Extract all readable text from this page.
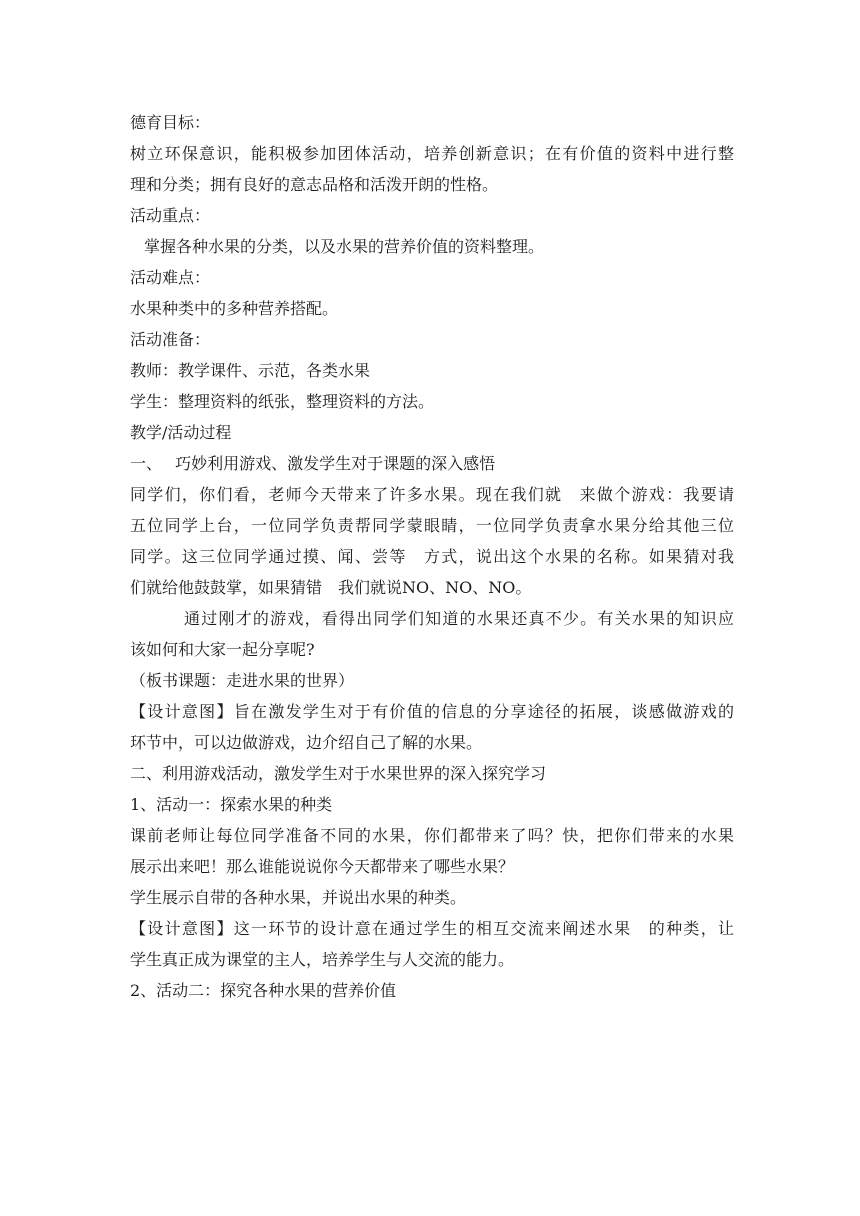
德育目标：
树立环保意识，能积极参加团体活动，培养创新意识；在有价值的资料中进行整
理和分类；拥有良好的意志品格和活泼开朗的性格。
活动重点：
掌握各种水果的分类，以及水果的营养价值的资料整理。
活动难点：
水果种类中的多种营养搭配。
活动准备：
教师：教学课件、示范，各类水果
学生：整理资料的纸张，整理资料的方法。
教学/活动过程
一、　 巧妙利用游戏、激发学生对于课题的深入感悟
同学们，你们看，老师今天带来了许多水果。现在我们就　来做个游戏：我要请
五位同学上台，一位同学负责帮同学蒙眼睛，一位同学负责拿水果分给其他三位
同学。这三位同学通过摸、闻、尝等　方式，说出这个水果的名称。如果猜对我
们就给他鼓鼓掌，如果猜错　我们就说NO、NO、NO。
通过刚才的游戏，看得出同学们知道的水果还真不少。有关水果的知识应
该如何和大家一起分享呢?
（板书课题：走进水果的世界）
【设计意图】旨在激发学生对于有价值的信息的分享途径的拓展，谈感做游戏的
环节中，可以边做游戏，边介绍自己了解的水果。
二、利用游戏活动，激发学生对于水果世界的深入探究学习
1、活动一：探索水果的种类
课前老师让每位同学准备不同的水果，你们都带来了吗？快，把你们带来的水果
展示出来吧！那么谁能说说你今天都带来了哪些水果？
学生展示自带的各种水果，并说出水果的种类。
【设计意图】这一环节的设计意在通过学生的相互交流来阐述水果　的种类，让
学生真正成为课堂的主人，培养学生与人交流的能力。
2、活动二：探究各种水果的营养价值
